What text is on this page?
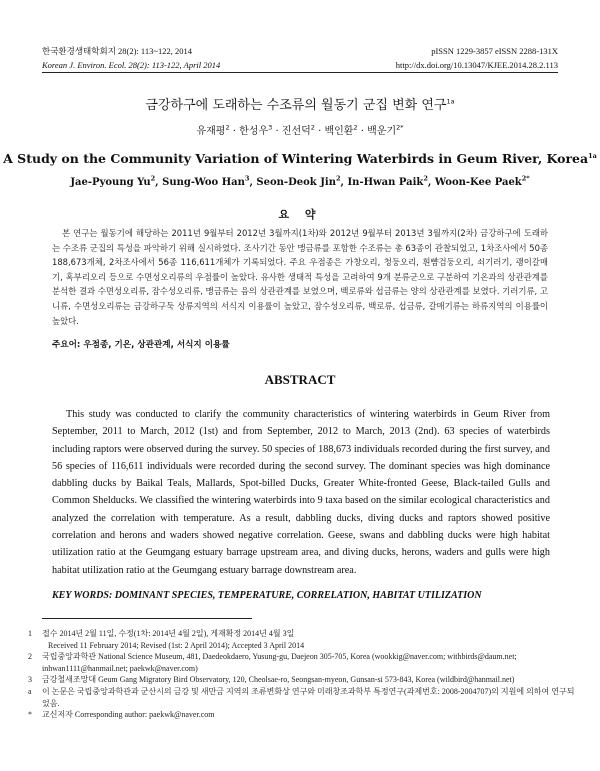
한국환경생태학회지 28(2): 113~122, 2014
Korean J. Environ. Ecol. 28(2): 113-122, April 2014
pISSN 1229-3857 eISSN 2288-131X
http://dx.doi.org/10.13047/KJEE.2014.28.2.113
금강하구에 도래하는 수조류의 월동기 군집 변화 연구$^{1a}$
유재평$^2$ · 한성우$^3$ · 진선덕$^2$ · 백인환$^2$ · 백운기$^{2*}$
A Study on the Community Variation of Wintering Waterbirds in Geum River, Korea$^{1a}$
Jae-Pyoung Yu$^2$, Sung-Woo Han$^3$, Seon-Deok Jin$^2$, In-Hwan Paik$^2$, Woon-Kee Paek$^{2*}$
요 약
본 연구는 월동기에 해당하는 2011년 9월부터 2012년 3월까지(1차)와 2012년 9월부터 2013년 3월까지(2차) 금강하구에 도래하는 수조류 군집의 특성을 파악하기 위해 실시하였다. 조사기간 동안 맹금류를 포함한 수조류는 총 63종이 관찰되었고, 1차조사에서 50종 188,673개체, 2차조사에서 56종 116,611개체가 기록되었다. 주요 우점종은 가창오리, 청둥오리, 흰뺨검둥오리, 쇠기러기, 괭이갈매기, 혹부리오리 등으로 수면성오리류의 우점률이 높았다. 유사한 생태적 특성을 고려하여 9개 분류군으로 구분하여 기온과의 상관관계를 분석한 결과 수면성오리류, 잠수성오리류, 맹금류는 음의 상관관계를 보였으며, 백로류와 섭금류는 양의 상관관계를 보였다. 기러기류, 고니류, 수면성오리류는 금강하구둑 상류지역의 서식지 이용률이 높았고, 잠수성오리류, 백로류, 섭금류, 갈매기류는 하류지역의 이용률이 높았다.
주요어: 우점종, 기온, 상관관계, 서식지 이용률
ABSTRACT
This study was conducted to clarify the community characteristics of wintering waterbirds in Geum River from September, 2011 to March, 2012 (1st) and from September, 2012 to March, 2013 (2nd). 63 species of waterbirds including raptors were observed during the survey. 50 species of 188,673 individuals recorded during the first survey, and 56 species of 116,611 individuals were recorded during the second survey. The dominant species was high dominance dabbling ducks by Baikal Teals, Mallards, Spot-billed Ducks, Greater White-fronted Geese, Black-tailed Gulls and Common Shelducks. We classified the wintering waterbirds into 9 taxa based on the similar ecological characteristics and analyzed the correlation with temperature. As a result, dabbling ducks, diving ducks and raptors showed positive correlation and herons and waders showed negative correlation. Geese, swans and dabbling ducks were high habitat utilization ratio at the Geumgang estuary barrage upstream area, and diving ducks, herons, waders and gulls were high habitat utilization ratio at the Geumgang estuary barrage downstream area.
KEY WORDS: DOMINANT SPECIES, TEMPERATURE, CORRELATION, HABITAT UTILIZATION
1 접수 2014년 2월 11일, 수정(1차: 2014년 4월 2일), 게재확정 2014년 4월 3일
Received 11 February 2014; Revised (1st: 2 April 2014); Accepted 3 April 2014
2 국립중앙과학관 National Science Museum, 481, Daedeokdaero, Yusung-gu, Daejeon 305-705, Korea (wookkig@naver.com; withbirds@daum.net; inhwan1111@hanmail.net; paekwk@naver.com)
3 금강철새조망대 Geum Gang Migratory Bird Observatory, 120, Cheolsae-ro, Seongsan-myeon, Gunsan-si 573-843, Korea (wildbird@hanmail.net)
a 이 논문은 국립중앙과학관과 군산시의 금강 및 새만금 지역의 조류변화상 연구와 미래창조과학부 특정연구(과제번호: 2008-2004707)의 지원에 의하여 연구되었음.
* 교신저자 Corresponding author: paekwk@naver.com
